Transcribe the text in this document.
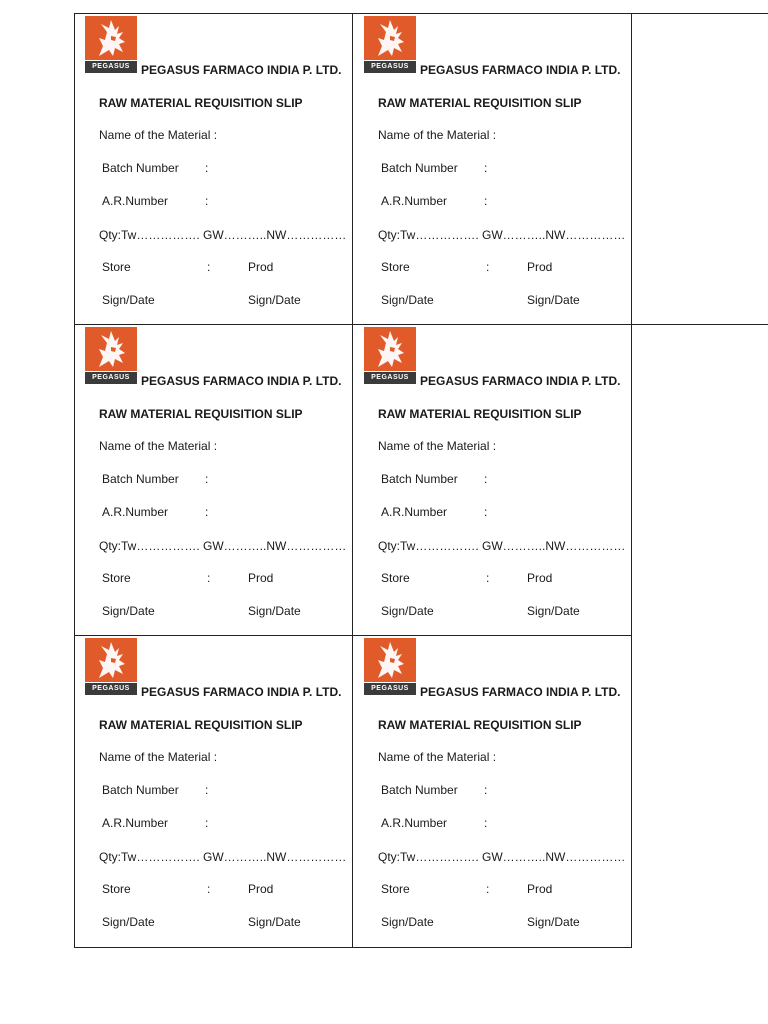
PEGASUS PEGASUS FARMACO INDIA P. LTD.
RAW MATERIAL REQUISITION SLIP
Name of the Material :
Batch Number :
A.R.Number	:
Qty:Tw……………. GW………..NW……………
Store	:	Prod
Sign/Date	Sign/Date
PEGASUS PEGASUS FARMACO INDIA P. LTD.
RAW MATERIAL REQUISITION SLIP
Name of the Material :
Batch Number :
A.R.Number	:
Qty:Tw……………. GW………..NW……………
Store	:	Prod
Sign/Date	Sign/Date
PEGASUS PEGASUS FARMACO INDIA P. LTD.
RAW MATERIAL REQUISITION SLIP
Name of the Material :
Batch Number :
A.R.Number	:
Qty:Tw……………. GW………..NW……………
Store	:	Prod
Sign/Date	Sign/Date
PEGASUS PEGASUS FARMACO INDIA P. LTD.
RAW MATERIAL REQUISITION SLIP
Name of the Material :
Batch Number :
A.R.Number	:
Qty:Tw……………. GW………..NW……………
Store	:	Prod
Sign/Date	Sign/Date
PEGASUS PEGASUS FARMACO INDIA P. LTD.
RAW MATERIAL REQUISITION SLIP
Name of the Material :
Batch Number :
A.R.Number	:
Qty:Tw……………. GW………..NW……………
Store	:	Prod
Sign/Date	Sign/Date
PEGASUS PEGASUS FARMACO INDIA P. LTD.
RAW MATERIAL REQUISITION SLIP
Name of the Material :
Batch Number :
A.R.Number	:
Qty:Tw……………. GW………..NW……………
Store	:	Prod
Sign/Date	Sign/Date
